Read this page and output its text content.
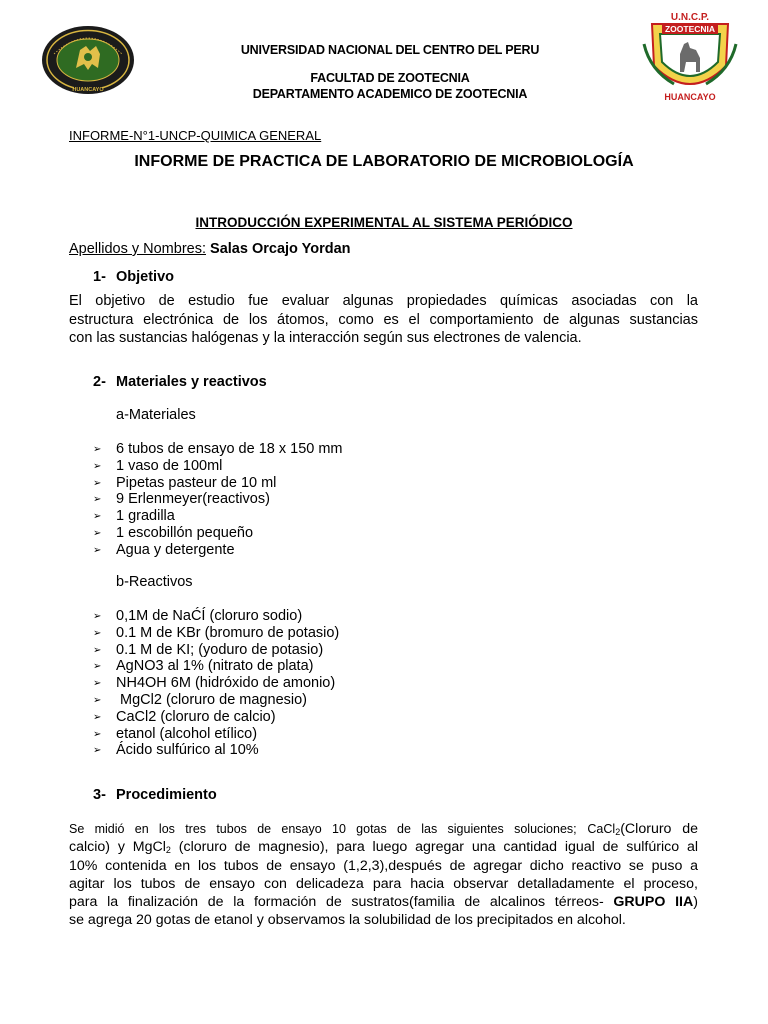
HUANCAYO
U.N.C.P.
ZOOTECNIA
HUANCAYO
UNIVERSIDAD NACIONAL DEL CENTRO DEL PERU
FACULTAD DE ZOOTECNIA
DEPARTAMENTO ACADEMICO DE ZOOTECNIA
INFORME-N°1-UNCP-QUIMICA GENERAL
INFORME DE PRACTICA DE LABORATORIO DE MICROBIOLOGÍA
INTRODUCCIÓN EXPERIMENTAL AL SISTEMA PERIÓDICO
Apellidos y Nombres: Salas Orcajo Yordan
1- Objetivo
El objetivo de estudio fue evaluar algunas propiedades químicas asociadas con la
estructura electrónica de los átomos, como es el comportamiento de algunas sustancias
con las sustancias halógenas y la interacción según sus electrones de valencia.
2- Materiales y reactivos
a-Materiales
➢ 6 tubos de ensayo de 18 x 150 mm
➢ 1 vaso de 100ml
➢ Pipetas pasteur de 10 ml
➢ 9 Erlenmeyer(reactivos)
➢ 1 gradilla
➢ 1 escobillón pequeño
➢ Agua y detergente
b-Reactivos
➢ 0,1M de NaĆÍ (cloruro sodio)
➢ 0.1 M de KBr (bromuro de potasio)
➢ 0.1 M de KI; (yoduro de potasio)
➢ AgNO3 al 1% (nitrato de plata)
➢ NH4OH 6M (hidróxido de amonio)
➢ MgCl2 (cloruro de magnesio)
➢ CaCl2 (cloruro de calcio)
➢ etanol (alcohol etílico)
➢ Ácido sulfúrico al 10%
3- Procedimiento
Se midió en los tres tubos de ensayo 10 gotas de las siguientes soluciones; CaCl$_2$(Cloruro de
calcio) y MgCl$_2$ (cloruro de magnesio), para luego agregar una cantidad igual de sulfúrico al
10% contenida en los tubos de ensayo (1,2,3),después de agregar dicho reactivo se puso a
agitar los tubos de ensayo con delicadeza para hacia observar detalladamente el proceso,
para la finalización de la formación de sustratos(familia de alcalinos térreos- GRUPO IIA)
se agrega 20 gotas de etanol y observamos la solubilidad de los precipitados en alcohol.
